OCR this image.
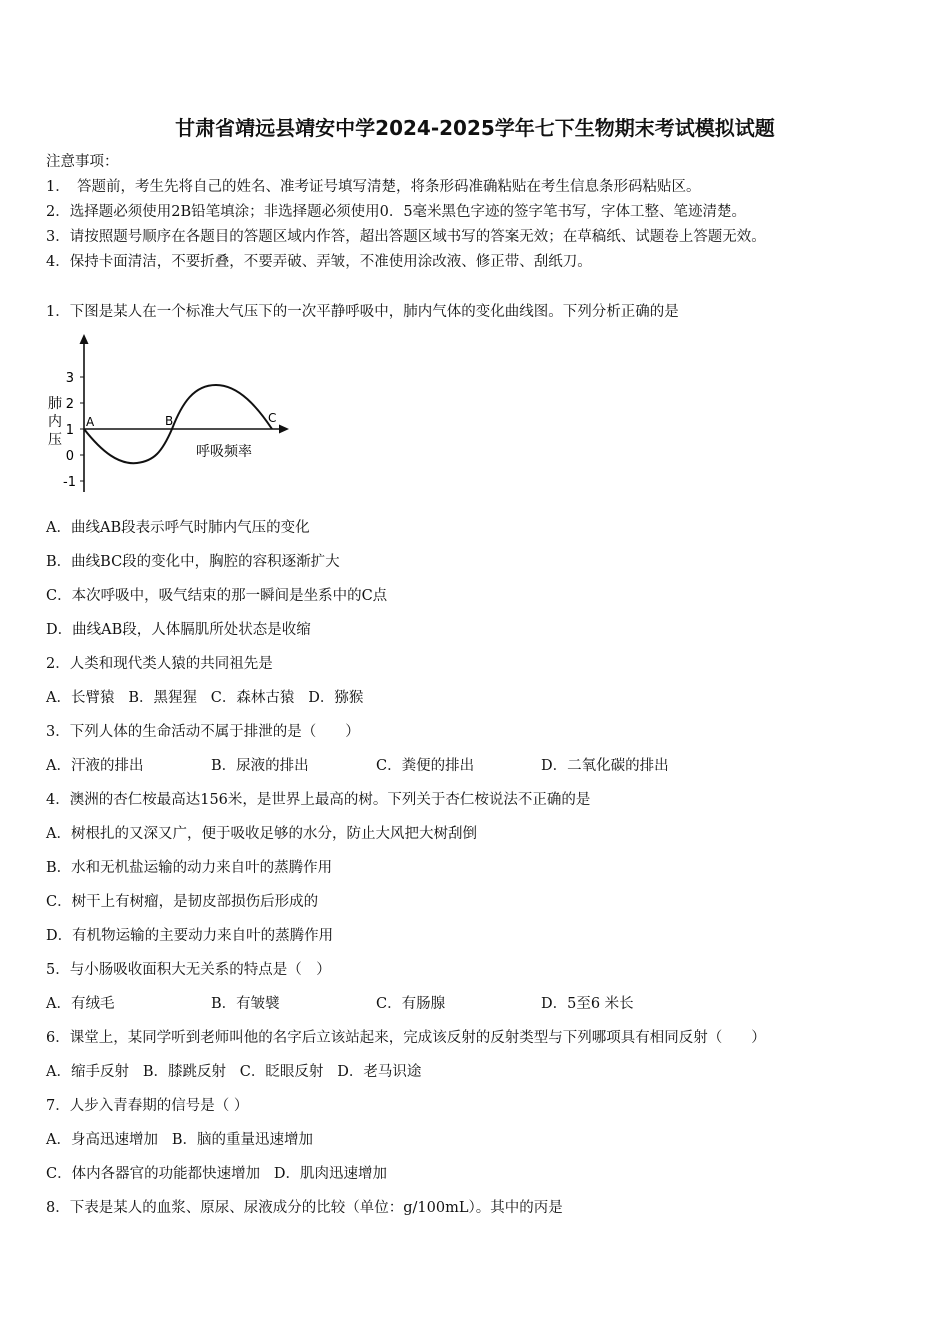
甘肃省靖远县靖安中学2024-2025学年七下生物期末考试模拟试题
注意事项：
1．　答题前，考生先将自己的姓名、准考证号填写清楚，将条形码准确粘贴在考生信息条形码粘贴区。
2．选择题必须使用2B铅笔填涂；非选择题必须使用0．5毫米黑色字迹的签字笔书写，字体工整、笔迹清楚。
3．请按照题号顺序在各题目的答题区域内作答，超出答题区域书写的答案无效；在草稿纸、试题卷上答题无效。
4．保持卡面清洁，不要折叠，不要弄破、弄皱，不准使用涂改液、修正带、刮纸刀。
1．下图是某人在一个标准大气压下的一次平静呼吸中，肺内气体的变化曲线图。下列分析正确的是
3
2
1
0
-1
肺
内
压
A	B	C
呼吸频率
A．曲线AB段表示呼气时肺内气压的变化
B．曲线BC段的变化中，胸腔的容积逐渐扩大
C．本次呼吸中，吸气结束的那一瞬间是坐系中的C点
D．曲线AB段，人体膈肌所处状态是收缩
2．人类和现代类人猿的共同祖先是
A．长臂猿 B．黑猩猩 C．森林古猿 D．猕猴
3．下列人体的生命活动不属于排泄的是（　　）
A．汗液的排出	B．尿液的排出	C．粪便的排出	D．二氧化碳的排出
4．澳洲的杏仁桉最高达156米，是世界上最高的树。下列关于杏仁桉说法不正确的是
A．树根扎的又深又广，便于吸收足够的水分，防止大风把大树刮倒
B．水和无机盐运输的动力来自叶的蒸腾作用
C．树干上有树瘤，是韧皮部损伤后形成的
D．有机物运输的主要动力来自叶的蒸腾作用
5．与小肠吸收面积大无关系的特点是（　）
A．有绒毛	B．有皱襞	C．有肠腺	D．5至6 米长
6．课堂上，某同学听到老师叫他的名字后立该站起来，完成该反射的反射类型与下列哪项具有相同反射（　　）
A．缩手反射 B．膝跳反射 C．眨眼反射 D．老马识途
7．人步入青春期的信号是（ ）
A．身高迅速增加 B．脑的重量迅速增加
C．体内各器官的功能都快速增加 D．肌肉迅速增加
8．下表是某人的血浆、原尿、尿液成分的比较（单位：g/100mL）。其中的丙是
